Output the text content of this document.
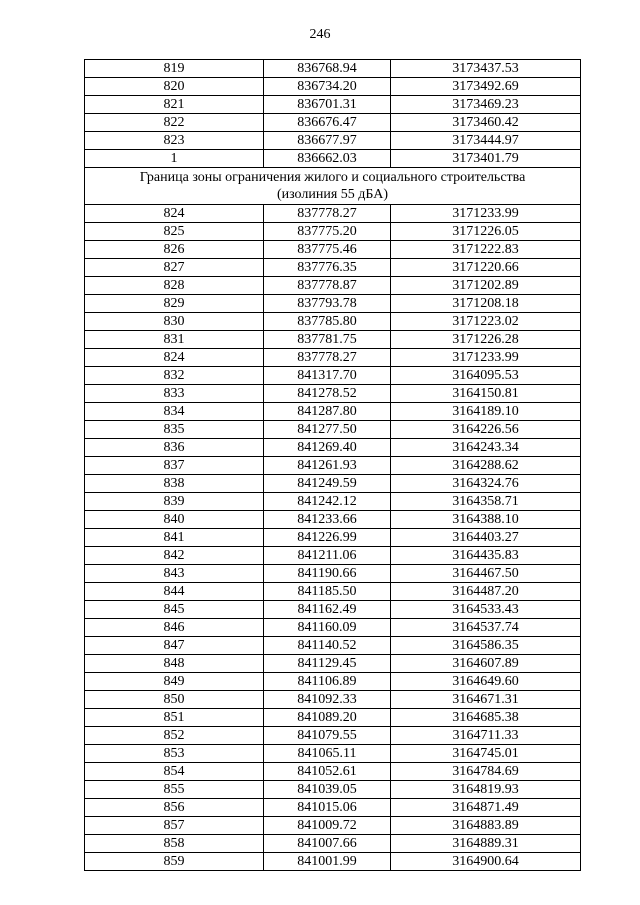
246
819	836768.94	3173437.53
820	836734.20	3173492.69
821	836701.31	3173469.23
822	836676.47	3173460.42
823	836677.97	3173444.97
1	836662.03	3173401.79

Граница зоны ограничения жилого и социального строительства
(изолиния 55 дБА)		

824	837778.27	3171233.99
825	837775.20	3171226.05
826	837775.46	3171222.83
827	837776.35	3171220.66
828	837778.87	3171202.89
829	837793.78	3171208.18
830	837785.80	3171223.02
831	837781.75	3171226.28
824	837778.27	3171233.99
832	841317.70	3164095.53
833	841278.52	3164150.81
834	841287.80	3164189.10
835	841277.50	3164226.56
836	841269.40	3164243.34
837	841261.93	3164288.62
838	841249.59	3164324.76
839	841242.12	3164358.71
840	841233.66	3164388.10
841	841226.99	3164403.27
842	841211.06	3164435.83
843	841190.66	3164467.50
844	841185.50	3164487.20
845	841162.49	3164533.43
846	841160.09	3164537.74
847	841140.52	3164586.35
848	841129.45	3164607.89
849	841106.89	3164649.60
850	841092.33	3164671.31
851	841089.20	3164685.38
852	841079.55	3164711.33
853	841065.11	3164745.01
854	841052.61	3164784.69
855	841039.05	3164819.93
856	841015.06	3164871.49
857	841009.72	3164883.89
858	841007.66	3164889.31
859	841001.99	3164900.64
